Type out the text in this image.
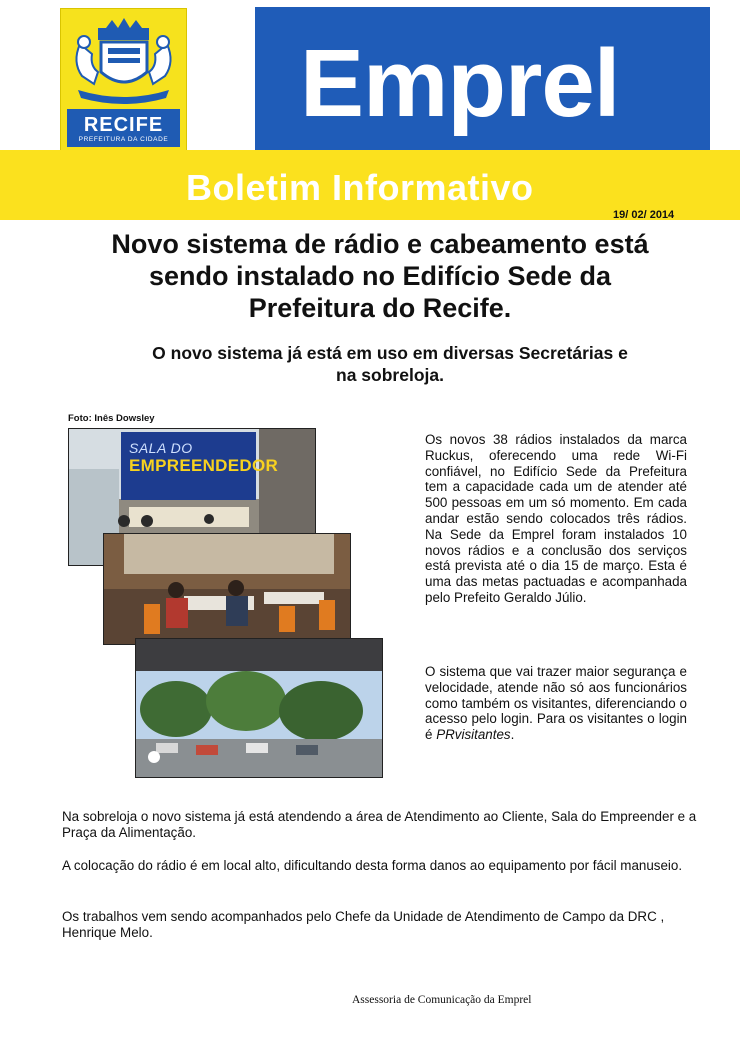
RECIFE
PREFEITURA DA CIDADE
Emprel
Boletim Informativo
19/ 02/ 2014
Novo sistema de rádio e cabeamento está
sendo instalado no Edifício Sede da
Prefeitura do Recife.
O novo sistema já está em uso em diversas Secretárias e
na sobreloja.
Foto: Inês Dowsley
SALA DO
EMPREENDEDOR
Os novos 38 rádios instalados da marca Ruckus, oferecendo uma rede Wi-Fi confiável, no Edifício Sede da Prefeitura tem a capacidade cada um de atender até 500 pessoas em um só momento. Em cada andar estão sendo colocados três rádios. Na Sede da Emprel foram instalados 10 novos rádios e a conclusão dos serviços está prevista até o dia 15 de março. Esta é uma das metas pactuadas e acompanhada pelo Prefeito Geraldo Júlio.
O sistema que vai trazer maior segurança e velocidade, atende não só aos funcionários como também os visitantes, diferenciando o acesso pelo login. Para os visitantes o login é PRvisitantes.
Na sobreloja o novo sistema já está atendendo a área de Atendimento ao Cliente, Sala do Empreender e a Praça da Alimentação.
A colocação do rádio é em local alto, dificultando desta forma danos ao equipamento por fácil manuseio.
Os trabalhos vem sendo acompanhados pelo Chefe da Unidade de Atendimento de Campo da DRC , Henrique Melo.
Assessoria de Comunicação da Emprel
